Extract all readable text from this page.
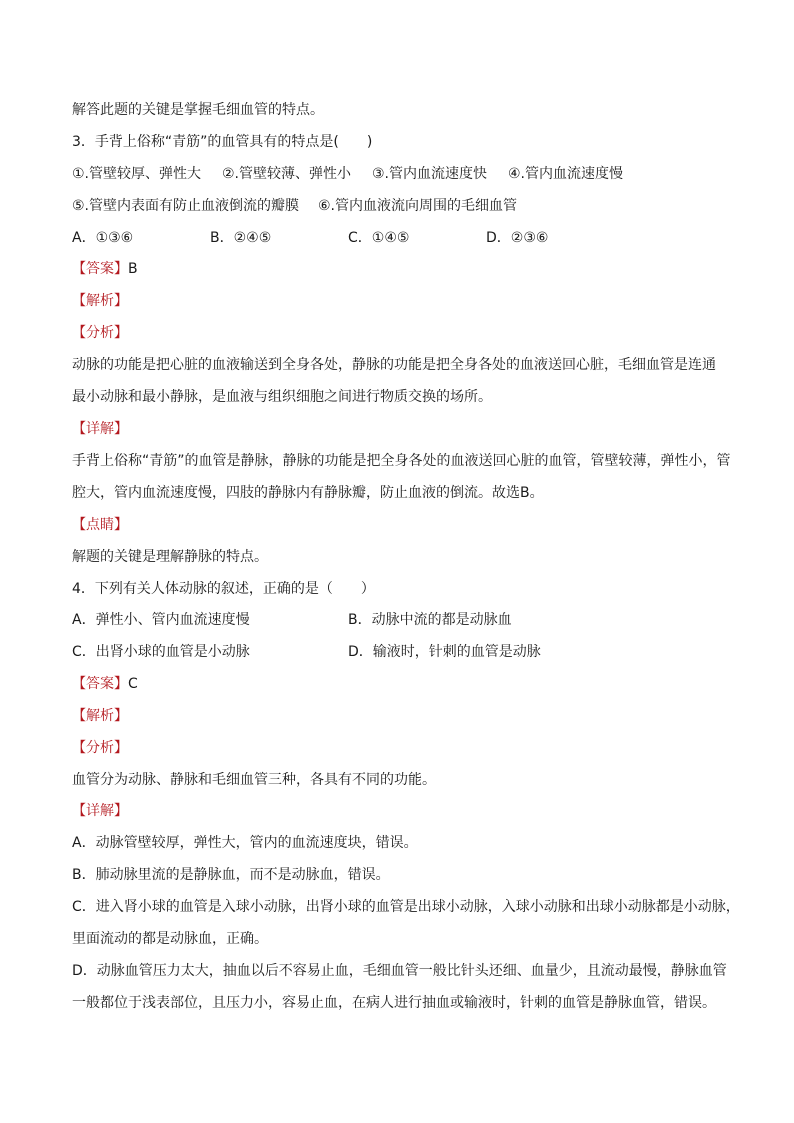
解答此题的关键是掌握毛细血管的特点。
3．手背上俗称“青筋”的血管具有的特点是(　　)
①.管壁较厚、弹性大 ②.管壁较薄、弹性小 ③.管内血流速度快 ④.管内血流速度慢
⑤.管壁内表面有防止血液倒流的瓣膜 ⑥.管内血液流向周围的毛细血管
A．①③⑥	B．②④⑤	C．①④⑤	D．②③⑥
【答案】B
【解析】
【分析】
动脉的功能是把心脏的血液输送到全身各处，静脉的功能是把全身各处的血液送回心脏，毛细血管是连通
最小动脉和最小静脉，是血液与组织细胞之间进行物质交换的场所。
【详解】
手背上俗称“青筋”的血管是静脉，静脉的功能是把全身各处的血液送回心脏的血管，管壁较薄，弹性小，管
腔大，管内血流速度慢，四肢的静脉内有静脉瓣，防止血液的倒流。故选B。
【点睛】
解题的关键是理解静脉的特点。
4．下列有关人体动脉的叙述，正确的是（　　）
A．弹性小、管内血流速度慢	B．动脉中流的都是动脉血
C．出肾小球的血管是小动脉	D．输液时，针刺的血管是动脉
【答案】C
【解析】
【分析】
血管分为动脉、静脉和毛细血管三种，各具有不同的功能。
【详解】
A．动脉管壁较厚，弹性大，管内的血流速度块，错误。
B．肺动脉里流的是静脉血，而不是动脉血，错误。
C．进入肾小球的血管是入球小动脉，出肾小球的血管是出球小动脉，入球小动脉和出球小动脉都是小动脉，
里面流动的都是动脉血，正确。
D．动脉血管压力太大，抽血以后不容易止血，毛细血管一般比针头还细、血量少，且流动最慢，静脉血管
一般都位于浅表部位，且压力小，容易止血，在病人进行抽血或输液时，针刺的血管是静脉血管，错误。
